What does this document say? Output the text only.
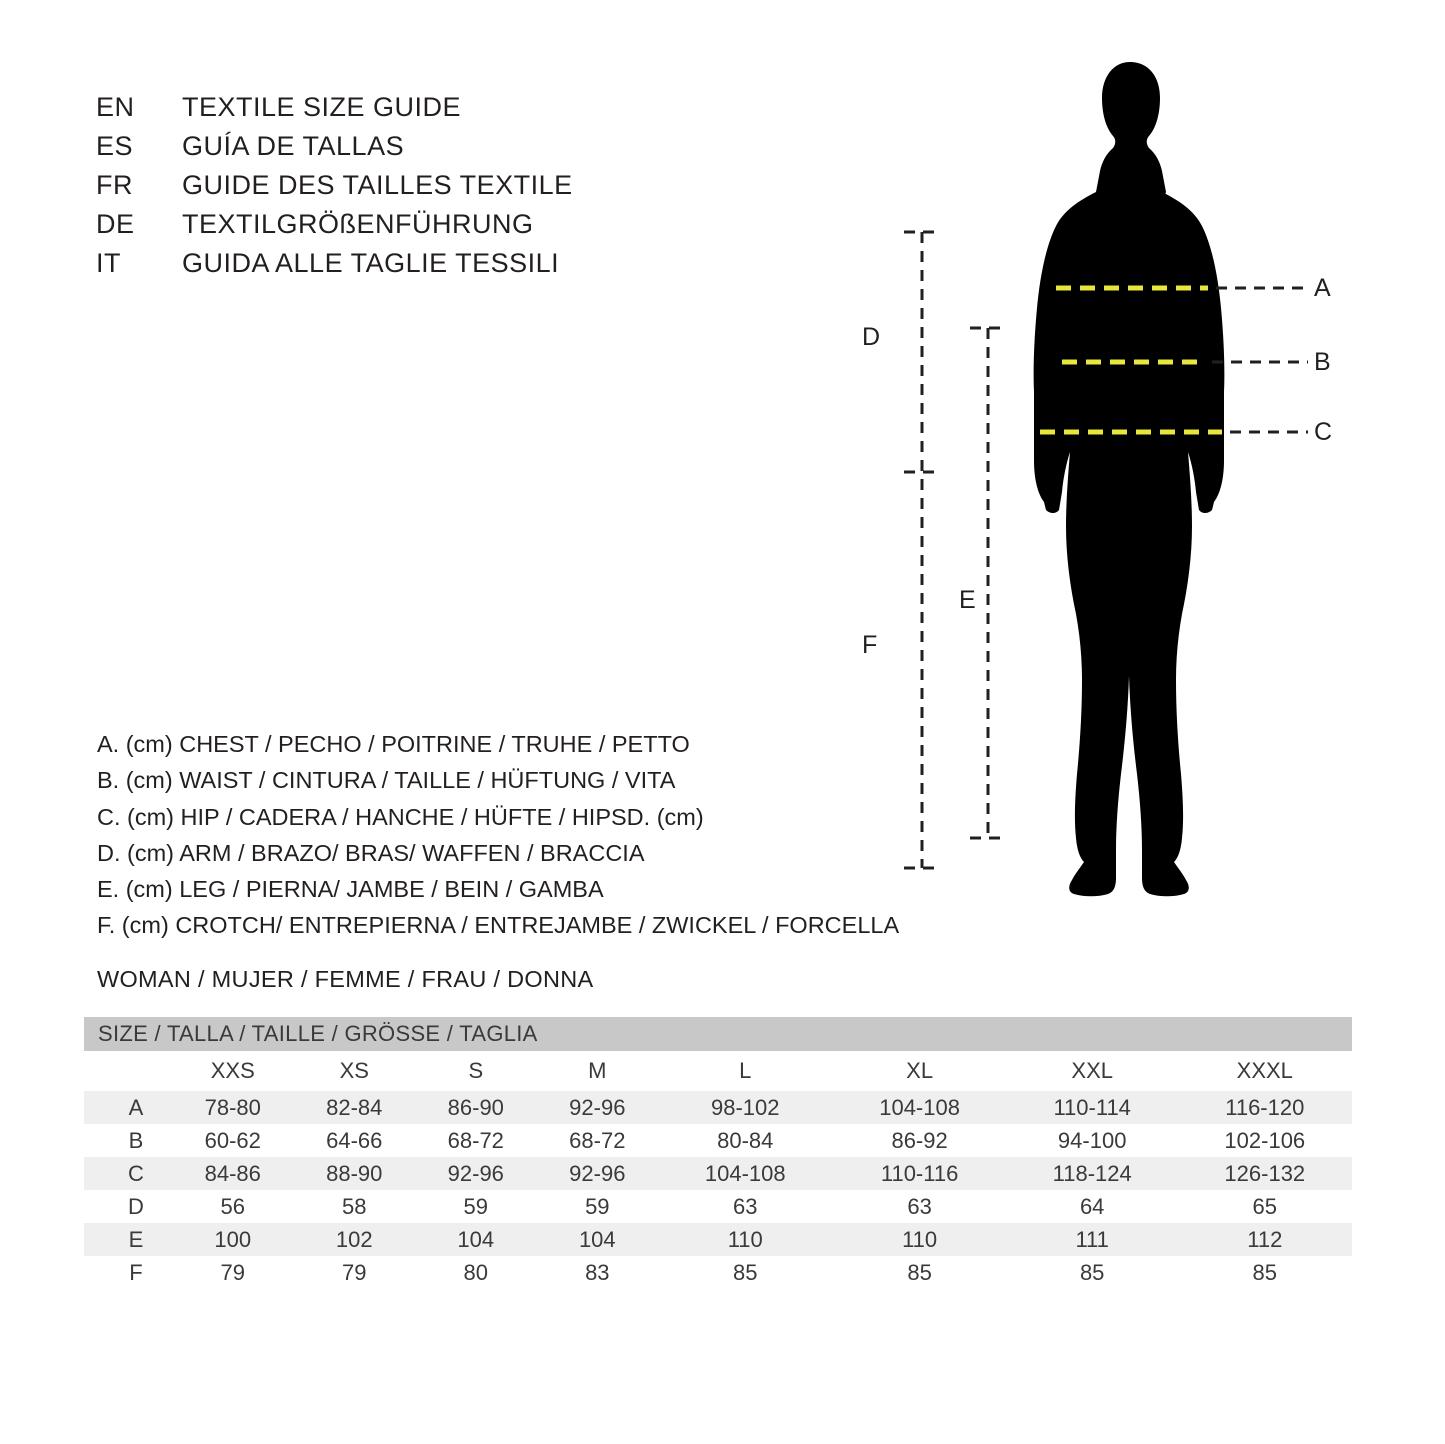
EN	TEXTILE SIZE GUIDE
ES	GUÍA DE TALLAS
FR	GUIDE DES TAILLES TEXTILE
DE	TEXTILGRÖßENFÜHRUNG
IT	GUIDA ALLE TAGLIE TESSILI
A. (cm) CHEST / PECHO / POITRINE / TRUHE / PETTO
B. (cm) WAIST / CINTURA / TAILLE / HÜFTUNG / VITA
C. (cm) HIP / CADERA / HANCHE / HÜFTE / HIPSD. (cm)
D. (cm) ARM / BRAZO/ BRAS/ WAFFEN / BRACCIA
E. (cm) LEG / PIERNA/ JAMBE / BEIN / GAMBA
F. (cm) CROTCH/ ENTREPIERNA / ENTREJAMBE / ZWICKEL / FORCELLA
WOMAN / MUJER / FEMME / FRAU / DONNA
SIZE / TALLA / TAILLE / GRÖSSE / TAGLIA								
	XXS	XS	S	M	L	XL	XXL	XXXL
A	78-80	82-84	86-90	92-96	98-102	104-108	110-114	116-120
B	60-62	64-66	68-72	68-72	80-84	86-92	94-100	102-106
C	84-86	88-90	92-96	92-96	104-108	110-116	118-124	126-132
D	56	58	59	59	63	63	64	65
E	100	102	104	104	110	110	111	112
F	79	79	80	83	85	85	85	85
D
F
E
A
B
C
